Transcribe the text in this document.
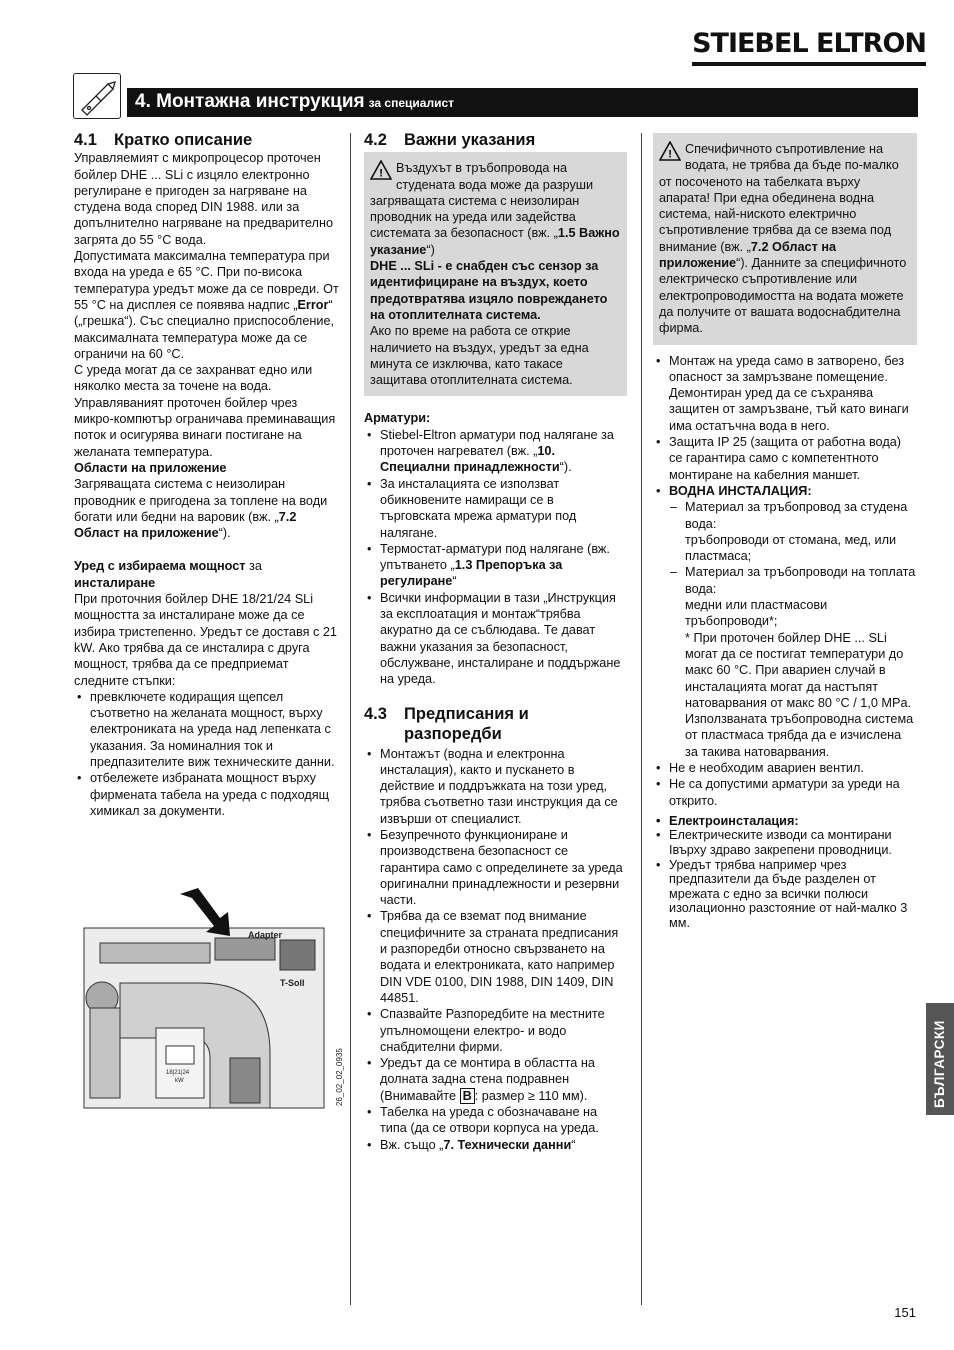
STIEBEL ELTRON
4. Монтажна инструкция за специалист
4.1 Кратко описание

Управляемият с микропроцесор проточен бойлер DHE ... SLi с изцяло електронно регулиране е пригоден за нагряване на студена вода според DIN 1988. или за допълнително нагряване на предварително загрята до 55 °C вода.

Допустимата максимална температура при входа на уреда е 65 °C. При по-висока температура уредът може да се повреди. От 55 °C на дисплея се появява надпис „Error“ („грешка“). Със специално приспособление, максималната температура може да се ограничи на 60 °C.

С уреда могат да се захранват едно или няколко места за точене на вода. Управляваният проточен бойлер чрез микро-компютър ограничава преминаващия поток и осигурява винаги постигане на желаната температура.

Области на приложение

Загряващата система с неизолиран проводник е пригодена за топлене на води богати или бедни на варовик (вж. „7.2 Област на приложение“).

Уред с избираема мощност за
инсталиране

При проточния бойлер DHE 18/21/24 SLi мощността за инсталиране може да се избира тристепенно. Уредът се доставя с 21 kW. Ако трябва да се инсталира с друга мощност, трябва да се предприемат следните стъпки:

• превключете кодиращия щепсел съответно на желаната мощност, върху електрониката на уреда над лепенката с указания. За номиналния ток и предпазителите виж техническите данни.
• отбележете избраната мощност върху фирмената табела на уреда с подходящ химикал за документи.
Adapter
T-Soll
18|21|24
kW	26_02_02_0935
4.2 Важни указания
!	Въздухът в тръбопровода на студената вода може да разруши загряващата система с неизолиран проводник на уреда или задейства системата за безопасност (вж. „1.5 Важно указание“)

DHE ... SLi - е снабден със сензор за идентифициране на въздух, което предотвратява изцяло повреждането на отоплителната система.

Ако по време на работа се открие наличието на въздух, уредът за една минута се изключва, като такасе защитава отоплителната система.

Арматури:

• Stiebel-Eltron арматури под налягане за проточен нагревател (вж. „10. Специални принадлежности“).
• За инсталацията се използват обикновените намиращи се в търговската мрежа арматури под налягане.
• Термостат-арматури под налягане (вж. упътването „1.3 Препоръка за регулиране“
• Всички информации в тази „Инструкция за експлоатация и монтаж“трябва акуратно да се съблюдава. Те дават важни указания за безопасност, обслужване, инсталиране и поддържане на уреда.
4.3 Предписания и
разпоредби
• Монтажът (водна и електронна инсталация), както и пускането в действие и поддръжката на този уред, трябва съответно тази инструкция да се извърши от специалист.
• Безупречното функциониране и производствена безопасност се гарантира само с определинете за уреда оригинални принадлежности и резервни части.
• Трябва да се вземат под внимание специфичните за страната предписания и разпоредби относно свързването на водата и електрониката, като например DIN VDE 0100, DIN 1988, DIN 1409, DIN 44851.
• Спазвайте Разпоредбите на местните упълномощени електро- и водо снабдителни фирми.
• Уредът да се монтира в областта на долната задна стена подравнен (Внимавайте B : размер ≥ 110 мм).
• Табелка на уреда с обозначаване на типа (да се отвори корпуса на уреда.
• Вж. също „7. Технически данни“
!	Спечифичното съпротивление на водата, не трябва да бъде по-малко от посоченото на табелката върху апарата! При една обединена водна система, най-ниското електрично съпротивление трябва да се взема под внимание (вж. „7.2 Област на приложение“). Данните за специфичното електрическо съпротивление или електропроводимостта на водата можете да получите от вашата водоснабдителна фирма.

• Монтаж на уреда само в затворено, без опасност за замръзване помещение. Демонтиран уред да се съхранява защитен от замръзване, тъй като винаги има остатъчна вода в него.
• Защита IP 25 (защита от работна вода) се гарантира само с компетентното монтиране на кабелния маншет.
• ВОДНА ИНСТАЛАЦИЯ:
– Материал за тръбопровод за студена вода:
тръбопроводи от стомана, мед, или пластмаса;
– Материал за тръбопроводи на топлата вода:
медни или пластмасови тръбопроводи*;
* При проточен бойлер DHE ... SLi могат да се постигат температури до макс 60 °C. При авариен случай в инсталацията могат да настъпят натоварвания от макс 80 °C / 1,0 MPa. Използваната тръбопроводна система от пластмаса трябда да е изчислена за такива натоварвания.
• Не е необходим авариен вентил.
• Не са допустими арматури за уреди на открито.
• Електроинсталация:
• Електрическите изводи са монтирани Івърху здраво закрепени проводници.
• Уредът трябва например чрез предпазители да бъде разделен от мрежата с едно за всички полюси изолационно разстояние от най-малко 3 мм.
БЪЛГАРСКИ
151
